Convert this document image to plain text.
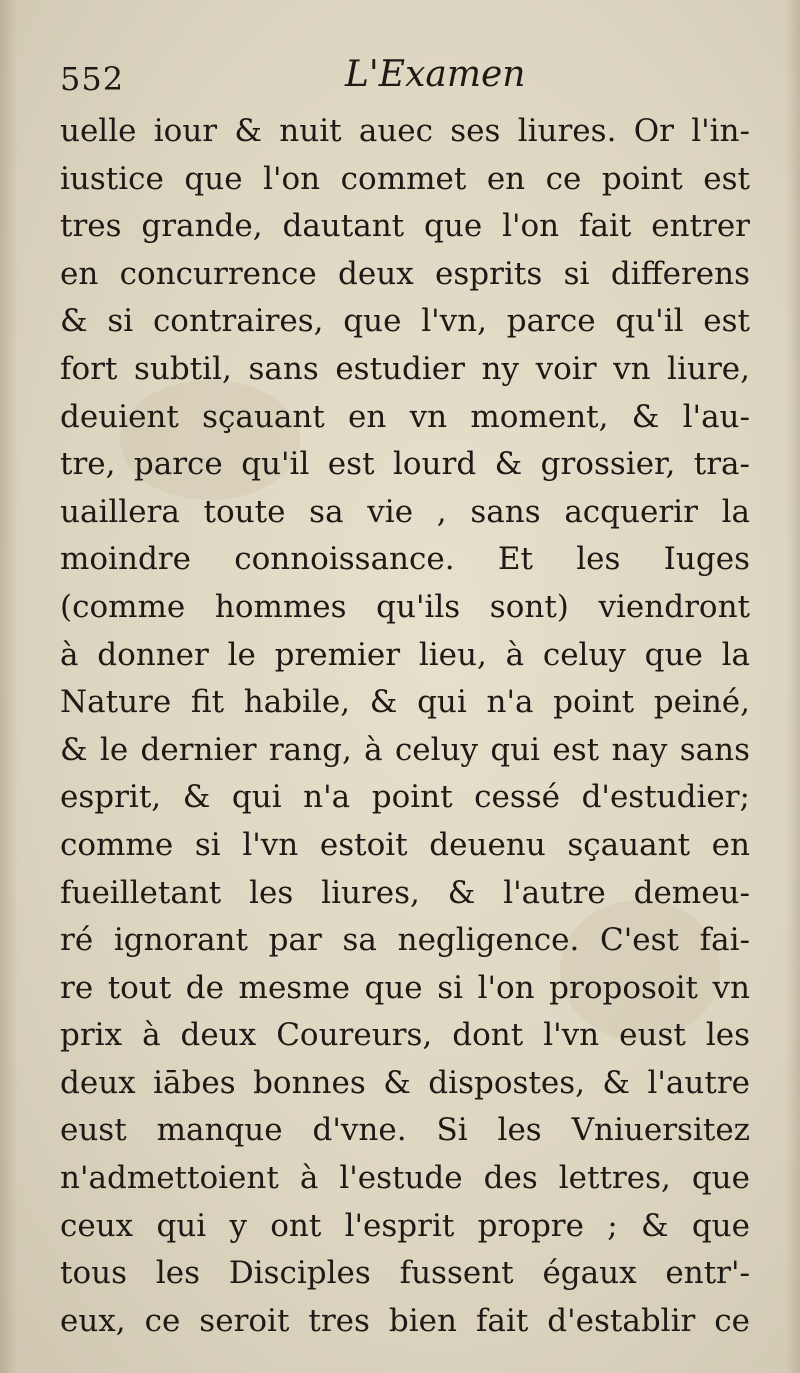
552	L'Examen
uelle iour & nuit auec ses liures. Or l'in-
iustice que l'on commet en ce point est
tres grande, dautant que l'on fait entrer
en concurrence deux esprits si differens
& si contraires, que l'vn, parce qu'il est
fort subtil, sans estudier ny voir vn liure,
deuient sçauant en vn moment, & l'au-
tre, parce qu'il est lourd & grossier, tra-
uaillera toute sa vie , sans acquerir la
moindre connoissance. Et les Iuges
(comme hommes qu'ils sont) viendront
à donner le premier lieu, à celuy que la
Nature fit habile, & qui n'a point peiné,
& le dernier rang, à celuy qui est nay sans
esprit, & qui n'a point cessé d'estudier;
comme si l'vn estoit deuenu sçauant en
fueilletant les liures, & l'autre demeu-
ré ignorant par sa negligence. C'est fai-
re tout de mesme que si l'on proposoit vn
prix à deux Coureurs, dont l'vn eust les
deux iābes bonnes & dispostes, & l'autre
eust manque d'vne. Si les Vniuersitez
n'admettoient à l'estude des lettres, que
ceux qui y ont l'esprit propre ; & que
tous les Disciples fussent égaux entr'-
eux, ce seroit tres bien fait d'establir ce
